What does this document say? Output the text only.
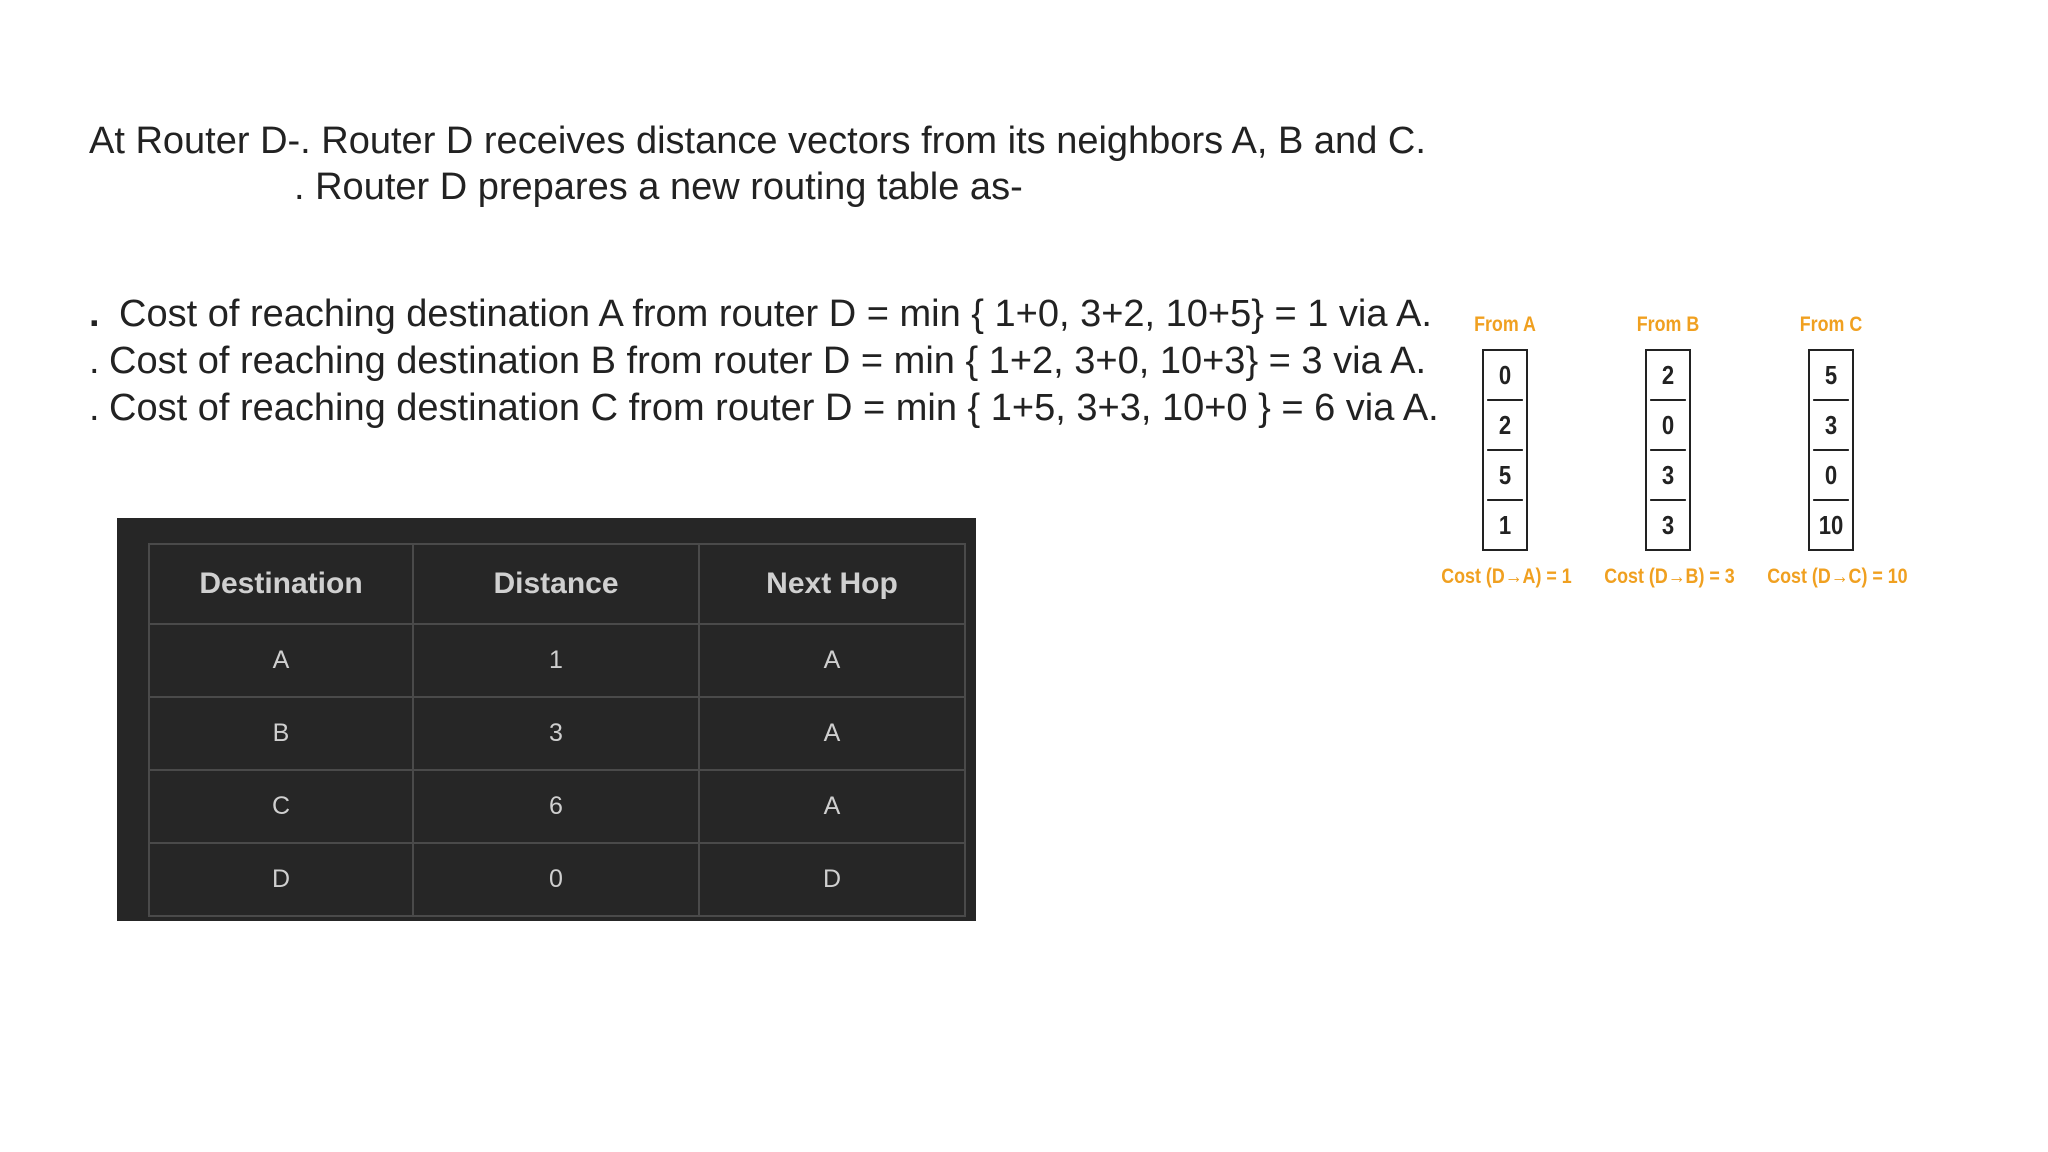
At Router D-. Router D receives distance vectors from its neighbors A, B and C.
. Router D prepares a new routing table as-
. Cost of reaching destination A from router D = min { 1+0, 3+2, 10+5} = 1 via A.
. Cost of reaching destination B from router D = min { 1+2, 3+0, 10+3} = 3 via A.
. Cost of reaching destination C from router D = min { 1+5, 3+3, 10+0 } = 6 via A.
Destination	Distance	Next Hop
A	1	A
B	3	A
C	6	A
D	0	D
From A
0
2
5
1
Cost (D→A) = 1
From B
2
0
3
3
Cost (D→B) = 3
From C
5
3
0
10
Cost (D→C) = 10
